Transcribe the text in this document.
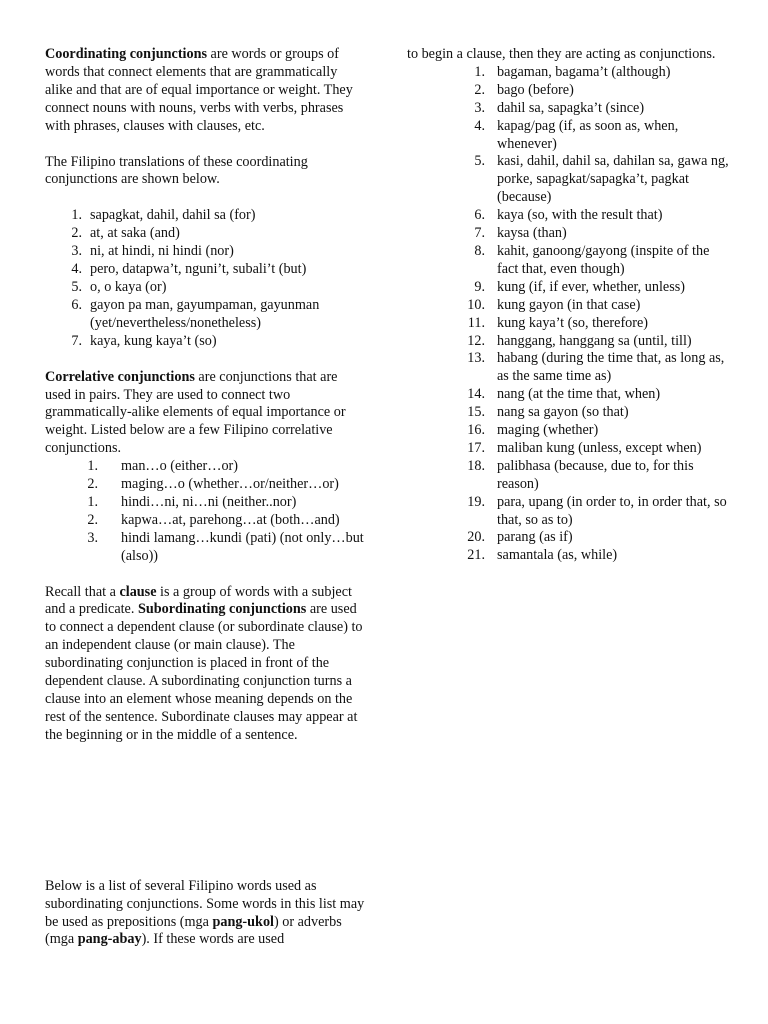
Coordinating conjunctions are words or groups of words that connect elements that are grammatically alike and that are of equal importance or weight. They connect nouns with nouns, verbs with verbs, phrases with phrases, clauses with clauses, etc.

The Filipino translations of these coordinating conjunctions are shown below.

1. sapagkat, dahil, dahil sa (for)
2. at, at saka (and)
3. ni, at hindi, ni hindi (nor)
4. pero, datapwa’t, nguni’t, subali’t (but)
5. o, o kaya (or)
6. gayon pa man, gayumpaman, gayunman (yet/nevertheless/nonetheless)
7. kaya, kung kaya’t (so)

Correlative conjunctions are conjunctions that are used in pairs. They are used to connect two grammatically-alike elements of equal importance or weight. Listed below are a few Filipino correlative conjunctions.

1. man…o (either…or)
2. maging…o (whether…or/neither…or)
1. hindi…ni, ni…ni (neither..nor)
2. kapwa…at, parehong…at (both…and)
3. hindi lamang…kundi (pati) (not only…but (also))

Recall that a clause is a group of words with a subject and a predicate. Subordinating conjunctions are used to connect a dependent clause (or subordinate clause) to an independent clause (or main clause). The subordinating conjunction is placed in front of the dependent clause. A subordinating conjunction turns a clause into an element whose meaning depends on the rest of the sentence. Subordinate clauses may appear at the beginning or in the middle of a sentence.

Below is a list of several Filipino words used as subordinating conjunctions. Some words in this list may be used as prepositions (mga pang-ukol) or adverbs (mga pang-abay). If these words are used

to begin a clause, then they are acting as conjunctions.

1. bagaman, bagama’t (although)
2. bago (before)
3. dahil sa, sapagka’t (since)
4. kapag/pag (if, as soon as, when, whenever)
5. kasi, dahil, dahil sa, dahilan sa, gawa ng, porke, sapagkat/sapagka’t, pagkat (because)
6. kaya (so, with the result that)
7. kaysa (than)
8. kahit, ganoong/gayong (inspite of the fact that, even though)
9. kung (if, if ever, whether, unless)
10. kung gayon (in that case)
11. kung kaya’t (so, therefore)
12. hanggang, hanggang sa (until, till)
13. habang (during the time that, as long as, as the same time as)
14. nang (at the time that, when)
15. nang sa gayon (so that)
16. maging (whether)
17. maliban kung (unless, except when)
18. palibhasa (because, due to, for this reason)
19. para, upang (in order to, in order that, so that, so as to)
20. parang (as if)
21. samantala (as, while)
